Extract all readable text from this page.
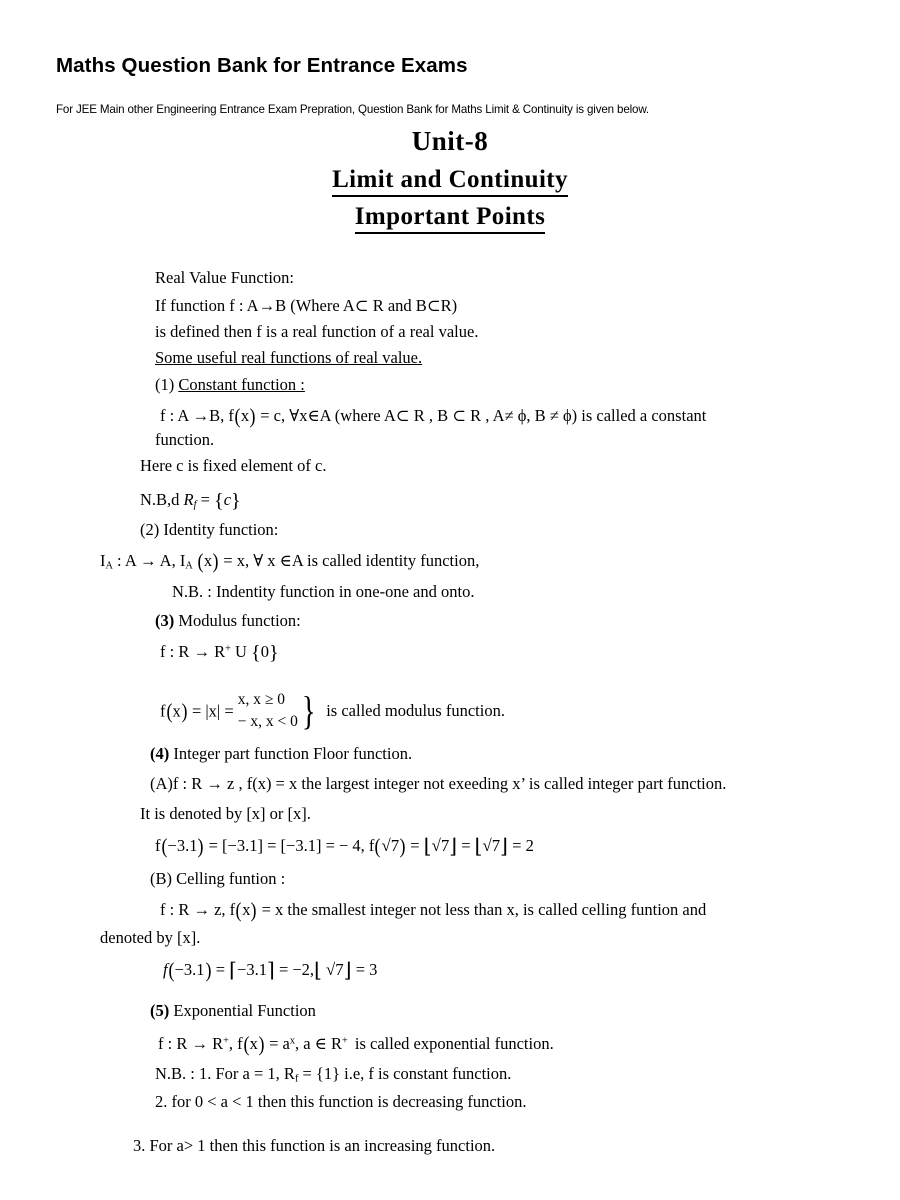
Maths Question Bank for Entrance Exams
For JEE Main other Engineering Entrance Exam Prepration, Question Bank for Maths Limit & Continuity is given below.
Unit-8
Limit and Continuity
Important Points
Real Value Function:
If function f : A→B (Where A⊂ R and B⊂R)
is defined then f is a real function of a real value.
Some useful real functions of real value.
(1) Constant function :
f : A →B, f(x) = c, ∀x∈A (where A⊂ R , B ⊂ R , A≠ ϕ, B ≠ ϕ) is called a constant
function.
Here c is fixed element of c.
N.B,d $R_f = \{c\}$
(2) Identity function:
$I_A$ : A → A, $I_A$ (x) = x, ∀ x ∈A is called identity function,
N.B. : Indentity function in one-one and onto.
(3) Modulus function:
f : R → R+ U {0}
f(x) = |x| =
x, x ≥ 0
− x, x < 0 } is called modulus function.
(4) Integer part function Floor function.
(A)f : R → z , f(x) = x the largest integer not exeeding x’ is called integer part function.
It is denoted by [x] or [x].
f(−3.1) = [−3.1] = [−3.1] = − 4, f(√7) = ⌊√7⌋ = ⌊√7⌋ = 2
(B) Celling funtion :
f : R → z, f(x) = x the smallest integer not less than x, is called celling funtion and
denoted by [x].
f(−3.1) = ⌈−3.1⌉ = −2,⌊ √7⌋ = 3
(5) Exponential Function
f : R → R+, $f(x) = a^x$, a ∈ R+ is called exponential function.
N.B. : 1. For a = 1, $R_f = \{1\}$ i.e, f is constant function.
2. for 0 < a < 1 then this function is decreasing function.
3. For a> 1 then this function is an increasing function.
